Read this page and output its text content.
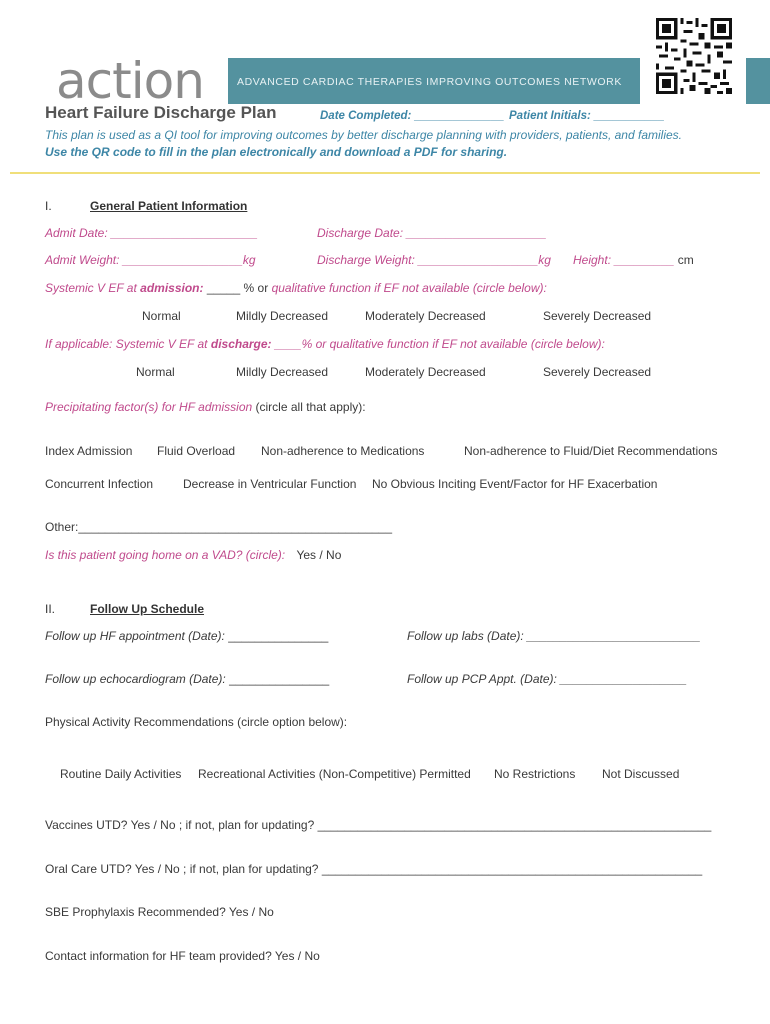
action	ADVANCED CARDIAC THERAPIES IMPROVING OUTCOMES NETWORK
Heart Failure Discharge Plan	Date Completed: ______________ Patient Initials: ___________
This plan is used as a QI tool for improving outcomes by better discharge planning with providers, patients, and families.
Use the QR code to fill in the plan electronically and download a PDF for sharing.
I.	General Patient Information
Admit Date: ______________________	Discharge Date: _____________________
Admit Weight: __________________kg	Discharge Weight: __________________kg Height: _________ cm
Systemic V EF at admission: _____ % or qualitative function if EF not available (circle below):
Normal	Mildly Decreased	Moderately Decreased	Severely Decreased
If applicable: Systemic V EF at discharge: ____% or qualitative function if EF not available (circle below):
Normal	Mildly Decreased	Moderately Decreased	Severely Decreased
Precipitating factor(s) for HF admission (circle all that apply):
Index Admission Fluid Overload Non-adherence to Medications	Non-adherence to Fluid/Diet Recommendations
Concurrent Infection Decrease in Ventricular Function No Obvious Inciting Event/Factor for HF Exacerbation
Other:_______________________________________________
Is this patient going home on a VAD? (circle): Yes / No
II.	Follow Up Schedule
Follow up HF appointment (Date): _______________	Follow up labs (Date): __________________________
Follow up echocardiogram (Date): _______________	Follow up PCP Appt. (Date): ___________________
Physical Activity Recommendations (circle option below):
Routine Daily Activities Recreational Activities (Non-Competitive) Permitted No Restrictions Not Discussed
Vaccines UTD? Yes / No ; if not, plan for updating? ___________________________________________________________
Oral Care UTD? Yes / No ; if not, plan for updating? _________________________________________________________
SBE Prophylaxis Recommended? Yes / No
Contact information for HF team provided? Yes / No
